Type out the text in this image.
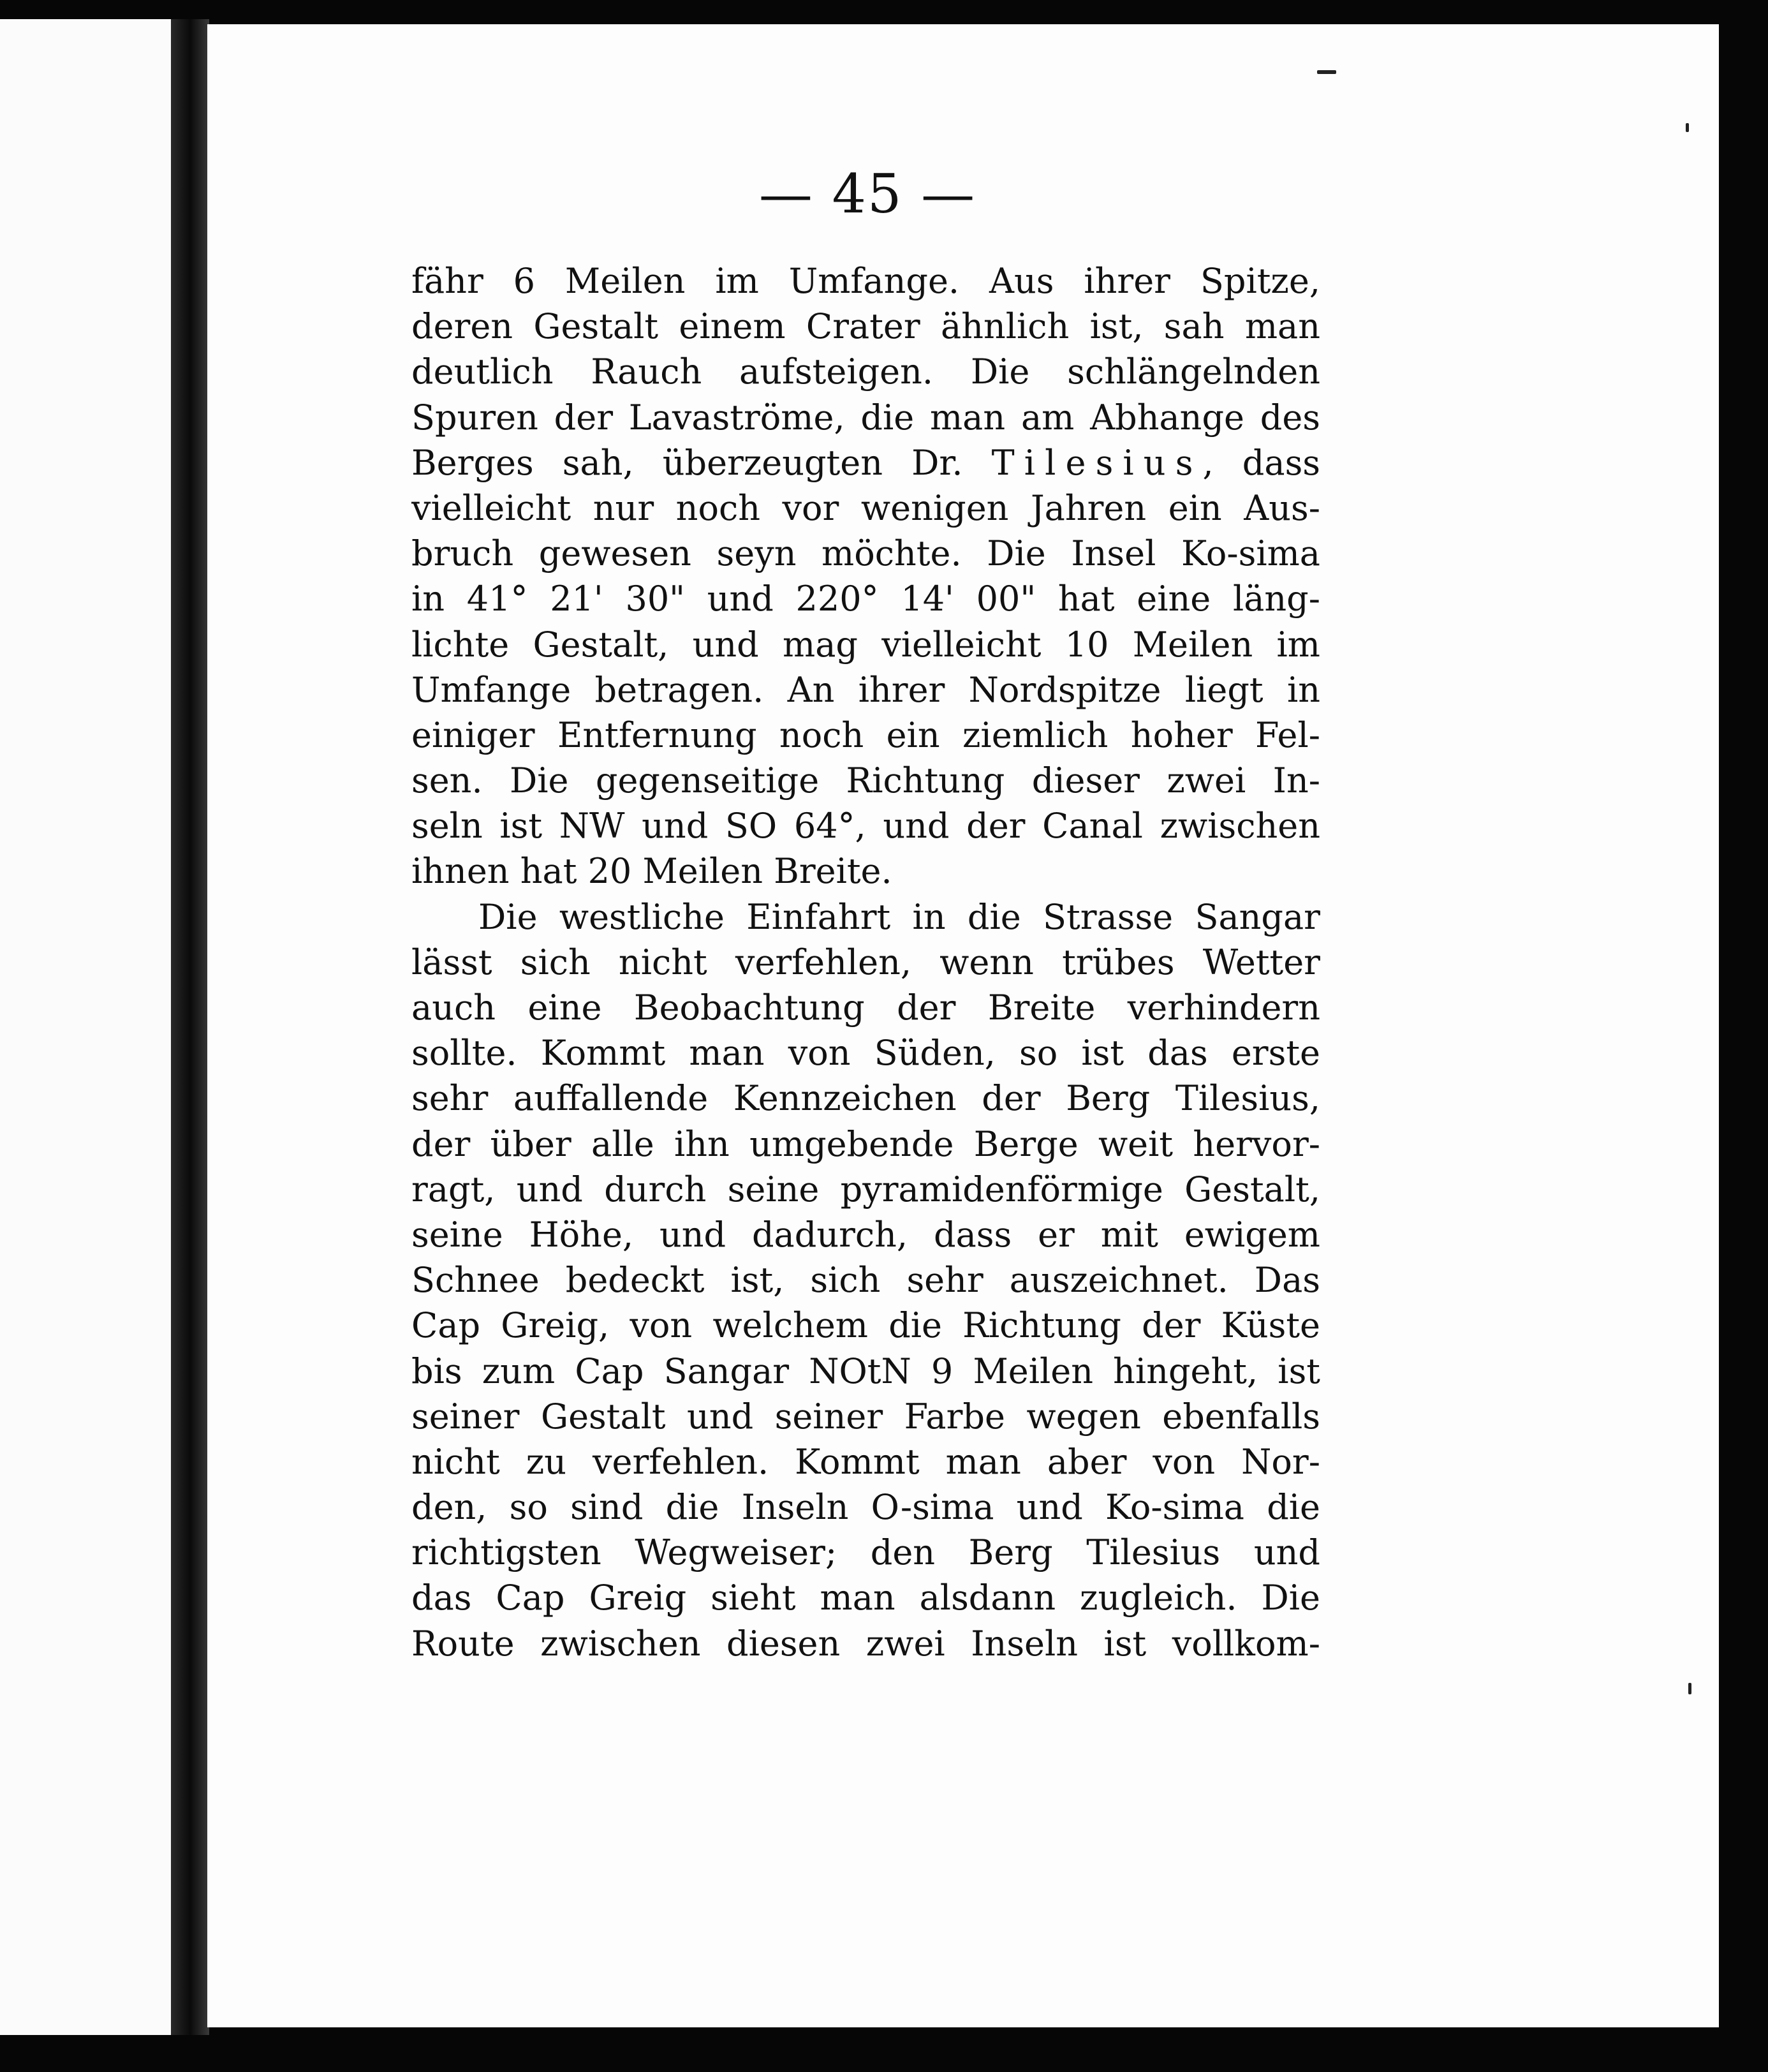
— 45 —

fähr 6 Meilen im Umfange. Aus ihrer Spitze,
deren Gestalt einem Crater ähnlich ist, sah man
deutlich Rauch aufsteigen. Die schlängelnden
Spuren der Lavaströme, die man am Abhange des
Berges sah, überzeugten Dr. Tilesius, dass
vielleicht nur noch vor wenigen Jahren ein Aus-
bruch gewesen seyn möchte. Die Insel Ko-sima
in 41° 21' 30" und 220° 14' 00" hat eine läng-
lichte Gestalt, und mag vielleicht 10 Meilen im
Umfange betragen. An ihrer Nordspitze liegt in
einiger Entfernung noch ein ziemlich hoher Fel-
sen. Die gegenseitige Richtung dieser zwei In-
seln ist NW und SO 64°, und der Canal zwischen
ihnen hat 20 Meilen Breite.
Die westliche Einfahrt in die Strasse Sangar
lässt sich nicht verfehlen, wenn trübes Wetter
auch eine Beobachtung der Breite verhindern
sollte. Kommt man von Süden, so ist das erste
sehr auffallende Kennzeichen der Berg Tilesius,
der über alle ihn umgebende Berge weit hervor-
ragt, und durch seine pyramidenförmige Gestalt,
seine Höhe, und dadurch, dass er mit ewigem
Schnee bedeckt ist, sich sehr auszeichnet. Das
Cap Greig, von welchem die Richtung der Küste
bis zum Cap Sangar NOtN 9 Meilen hingeht, ist
seiner Gestalt und seiner Farbe wegen ebenfalls
nicht zu verfehlen. Kommt man aber von Nor-
den, so sind die Inseln O-sima und Ko-sima die
richtigsten Wegweiser; den Berg Tilesius und
das Cap Greig sieht man alsdann zugleich. Die
Route zwischen diesen zwei Inseln ist vollkom-
